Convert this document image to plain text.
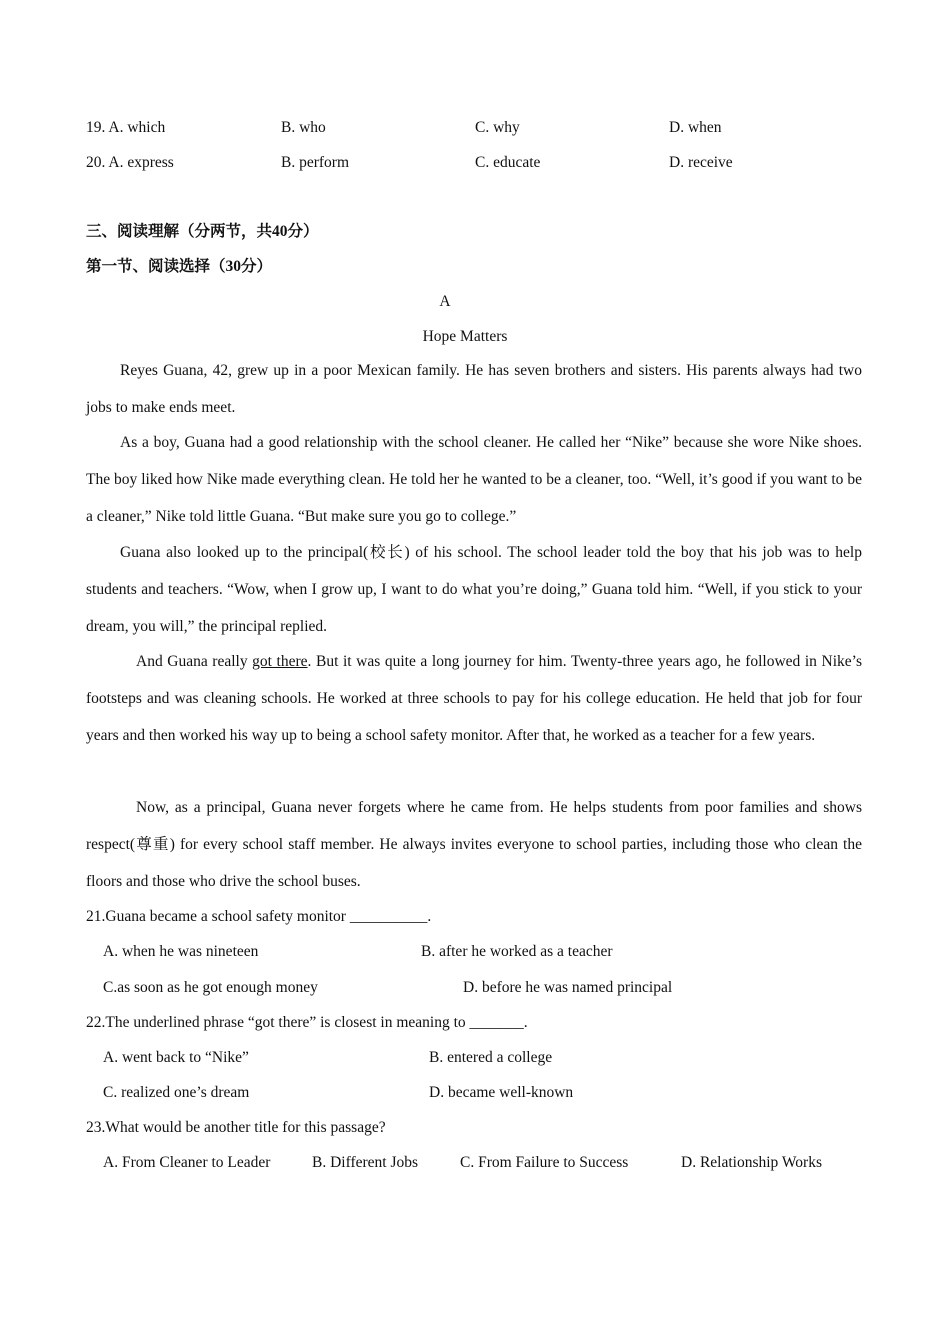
19. A. which	B. who	C. why	D. when
20. A. express	B. perform	C. educate	D. receive
三、阅读理解（分两节，共40分）
第一节、阅读选择（30分）
A
Hope Matters
Reyes Guana, 42, grew up in a poor Mexican family. He has seven brothers and sisters. His parents always had two jobs to make ends meet.
As a boy, Guana had a good relationship with the school cleaner. He called her “Nike” because she wore Nike shoes. The boy liked how Nike made everything clean. He told her he wanted to be a cleaner, too. “Well, it’s good if you want to be a cleaner,” Nike told little Guana. “But make sure you go to college.”
Guana also looked up to the principal(校长) of his school. The school leader told the boy that his job was to help students and teachers. “Wow, when I grow up, I want to do what you’re doing,” Guana told him. “Well, if you stick to your dream, you will,” the principal replied.
And Guana really got there. But it was quite a long journey for him. Twenty-three years ago, he followed in Nike’s footsteps and was cleaning schools. He worked at three schools to pay for his college education. He held that job for four years and then worked his way up to being a school safety monitor. After that, he worked as a teacher for a few years.
Now, as a principal, Guana never forgets where he came from. He helps students from poor families and shows respect(尊重) for every school staff member. He always invites everyone to school parties, including those who clean the floors and those who drive the school buses.
21.Guana became a school safety monitor __________.
A. when he was nineteen	B. after he worked as a teacher
C.as soon as he got enough money	D. before he was named principal
22.The underlined phrase “got there” is closest in meaning to _______.
A. went back to “Nike”	B. entered a college
C. realized one’s dream	D. became well-known
23.What would be another title for this passage?
A. From Cleaner to Leader	B. Different Jobs	C. From Failure to Success	D. Relationship Works
